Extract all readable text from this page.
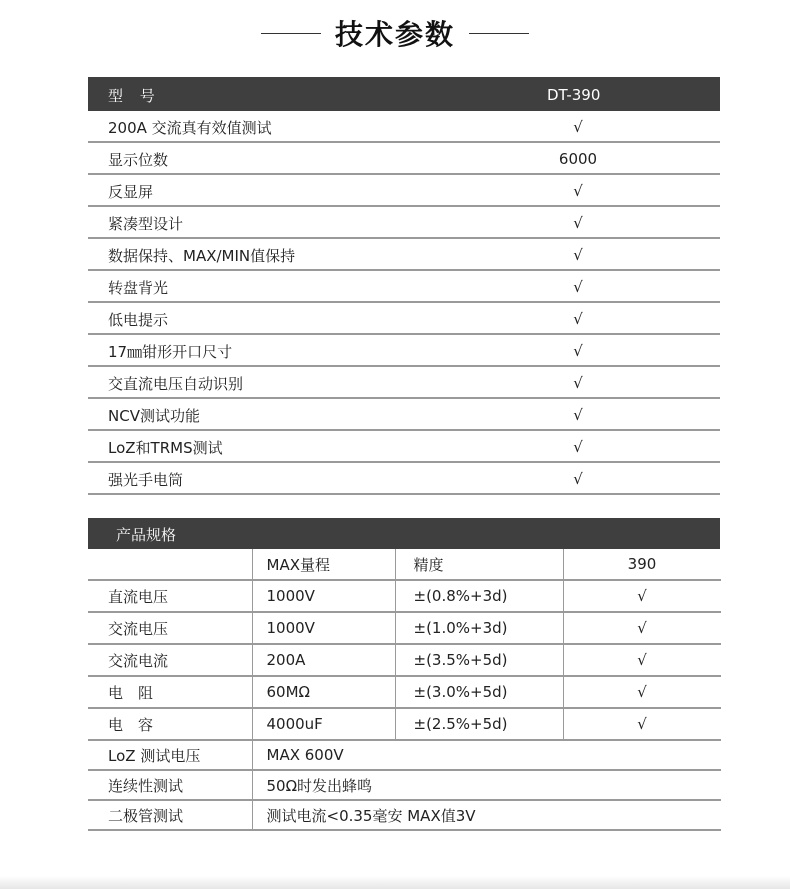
技术参数
型 号	DT-390
200A 交流真有效值测试	√
显示位数	6000
反显屏	√
紧凑型设计	√
数据保持、MAX/MIN值保持	√
转盘背光	√
低电提示	√
17㎜钳形开口尺寸	√
交直流电压自动识别	√
NCV测试功能	√
LoZ和TRMS测试	√
强光手电筒	√
产品规格
	MAX量程	精度	390
直流电压	1000V	±(0.8%+3d)	√
交流电压	1000V	±(1.0%+3d)	√
交流电流	200A	±(3.5%+5d)	√
电　阻	60MΩ	±(3.0%+5d)	√
电　容	4000uF	±(2.5%+5d)	√
LoZ 测试电压	MAX 600V		
连续性测试	50Ω时发出蜂鸣		
二极管测试	测试电流<0.35毫安 MAX值3V		
